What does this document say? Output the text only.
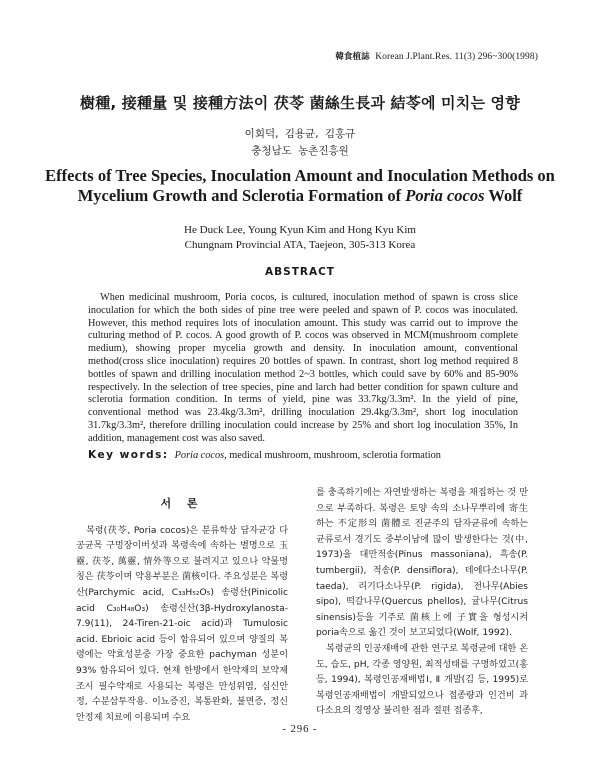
韓食植誌 Korean J.Plant.Res. 11(3) 296~300(1998)
樹種, 接種量 및 接種方法이 茯苓 菌絲生長과 結苓에 미치는 영향
이회덕, 김용균, 김홍규
충청남도 농촌진흥원
Effects of Tree Species, Inoculation Amount and Inoculation Methods on Mycelium Growth and Sclerotia Formation of Poria cocos Wolf
He Duck Lee, Young Kyun Kim and Hong Kyu Kim
Chungnam Provincial ATA, Taejeon, 305-313 Korea
ABSTRACT

When medicinal mushroom, Poria cocos, is cultured, inoculation method of spawn is cross slice inoculation for which the both sides of pine tree were peeled and spawn of P. cocos was inoculated. However, this method requires lots of inoculation amount. This study was carrid out to improve the culturing method of P. cocos. A good growth of P. cocos was observed in MCM(mushroom complete medium), showing proper mycelia growth and density. In inoculation amount, conventional method(cross slice inoculation) requires 20 bottles of spawn. In contrast, short log method required 8 bottles of spawn and drilling inoculation method 2~3 bottles, which could save by 60% and 85-90% respectively. In the selection of tree species, pine and larch had better condition for spawn culture and sclerotia formation condition. In terms of yield, pine was 33.7kg/3.3m². In the yield of pine, conventional method was 23.4kg/3.3m², drilling inoculation 29.4kg/3.3m², short log inoculation 31.7kg/3.3m², therefore drilling inoculation could increase by 25% and short log inoculation 35%, In addition, management cost was also saved.

Key words: Poria cocos, medical mushroom, mushroom, sclerotia formation
서 론

복령(茯苓, Poria cocos)은 분류학상 담자균강 다공균목 구멍장이버섯과 복령속에 속하는 별명으로 玉靈, 茯苓, 萬靈, 情外等으로 불려지고 있으나 약물명칭은 茯苓이며 약용부분은 菌核이다. 주요성분은 복령산(Parchymic acid, C₃₃H₅₂O₅) 송령산(Pinicolic acid C₃₀H₄₈O₃) 송령신산(3β-Hydroxylanosta-7.9(11), 24-Tiren-21-oic acid)과 Tumulosic acid. Ebrioic acid 등이 함유되어 있으며 양질의 복령에는 약효성분중 가장 중요한 pachyman 성분이 93% 함유되어 있다. 현재 한방에서 한약재의 보약제조시 필수약재로 사용되는 복령은 만성위염, 심신안정, 수분삼투작용. 이뇨증진, 복통완화, 불면증, 정신안정제 치료에 이용되며 수요

를 충족하기에는 자연발생하는 복령을 채집하는 것 만으로 부족하다. 복령은 토양 속의 소나무뿌리에 寄生하는 不定形의 菌體로 진균주의 담자균류에 속하는 균류로서 경기도 중부이남에 많이 발생한다는 것(中, 1973)을 대만적송(Pinus massoniana), 흑송(P. tumbergii), 적송(P. densiflora), 테에다소나무(P. taeda), 리기다소나무(P. rigida), 전나무(Abies sipo), 떡갈나무(Quercus phellos), 귤나무(Citrus sinensis)등을 기주로 菌核上에 子實을 형성시켜 poria속으로 옮긴 것이 보고되었다(Wolf, 1992).

복령균의 인공재배에 관한 연구로 복령균에 대한 온도, 습도, pH, 각종 영양원, 최적성태를 구명하였고(홍 등, 1994), 복령인공재배법Ⅰ, Ⅱ 개발(김 등, 1995)로 복령인공재배법이 개발되었으나 접종량과 인건비 과다소요의 경영상 불리한 점과 절편 접종후,

- 296 -
